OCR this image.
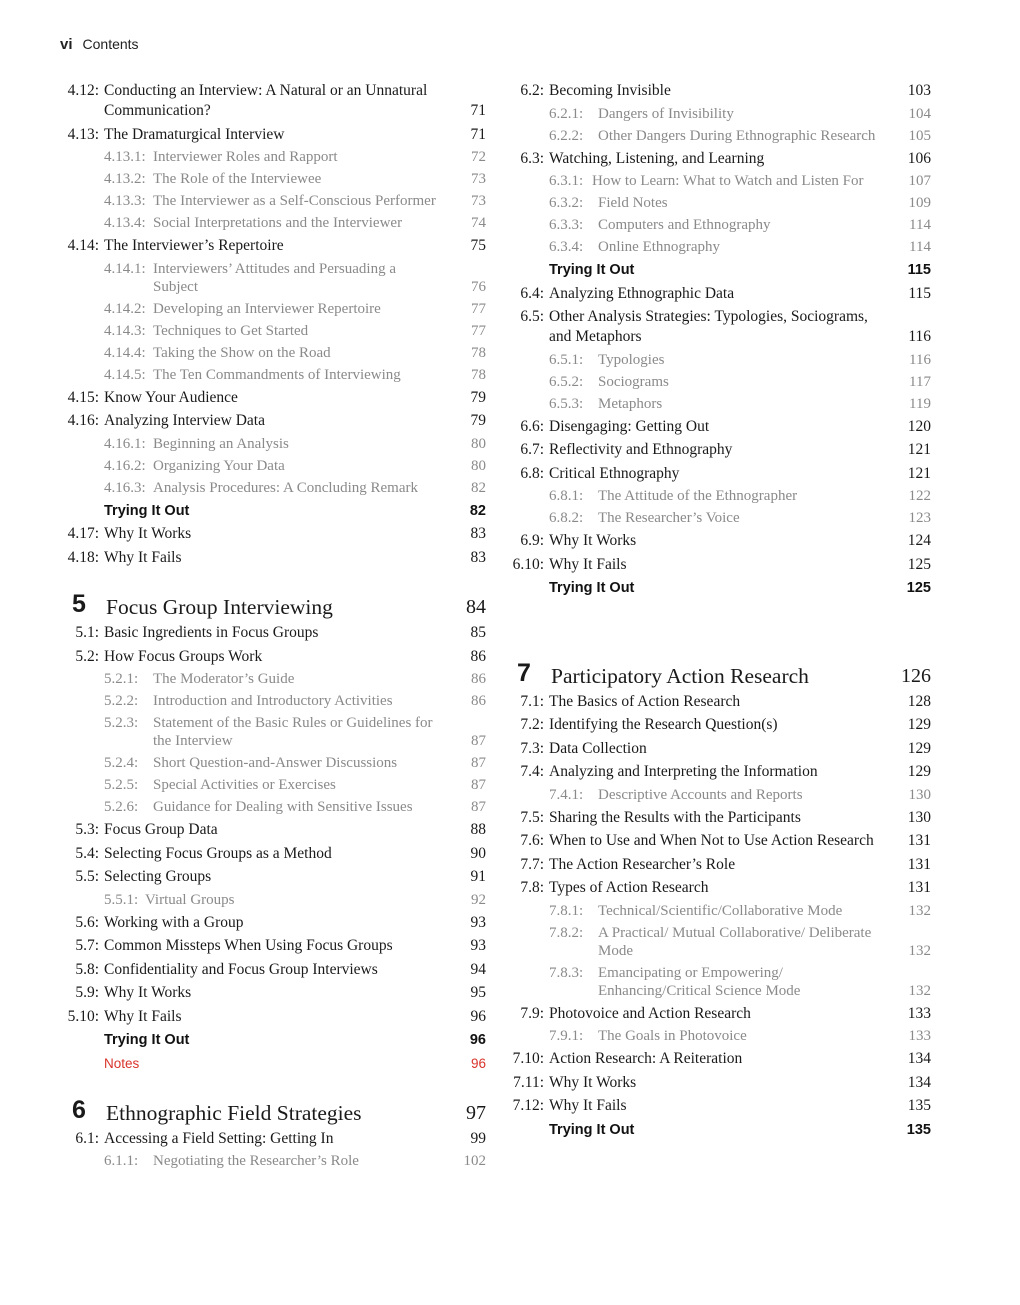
vi Contents
4.12: Conducting an Interview: A Natural or an Unnatural Communication?	71
4.13: The Dramaturgical Interview	71
4.13.1: Interviewer Roles and Rapport	72
4.13.2: The Role of the Interviewee	73
4.13.3: The Interviewer as a Self-Conscious Performer 73
4.13.4: Social Interpretations and the Interviewer	74
4.14: The Interviewer’s Repertoire	75
4.14.1: Interviewers’ Attitudes and Persuading a Subject	76
4.14.2: Developing an Interviewer Repertoire	77
4.14.3: Techniques to Get Started	77
4.14.4: Taking the Show on the Road	78
4.14.5: The Ten Commandments of Interviewing	78
4.15: Know Your Audience	79
4.16: Analyzing Interview Data	79
4.16.1: Beginning an Analysis	80
4.16.2: Organizing Your Data	80
4.16.3: Analysis Procedures: A Concluding Remark	82
Trying It Out	82
4.17: Why It Works	83
4.18: Why It Fails	83
5 Focus Group Interviewing	84
5.1: Basic Ingredients in Focus Groups	85
5.2: How Focus Groups Work	86
5.2.1: The Moderator’s Guide	86
5.2.2: Introduction and Introductory Activities	86
5.2.3: Statement of the Basic Rules or Guidelines for the Interview	87
5.2.4: Short Question-and-Answer Discussions	87
5.2.5: Special Activities or Exercises	87
5.2.6: Guidance for Dealing with Sensitive Issues	87
5.3: Focus Group Data	88
5.4: Selecting Focus Groups as a Method	90
5.5: Selecting Groups	91
5.5.1: Virtual Groups	92
5.6: Working with a Group	93
5.7: Common Missteps When Using Focus Groups	93
5.8: Confidentiality and Focus Group Interviews	94
5.9: Why It Works	95
5.10: Why It Fails	96
Trying It Out	96
Notes	96
6 Ethnographic Field Strategies	97
6.1: Accessing a Field Setting: Getting In	99
6.1.1: Negotiating the Researcher’s Role	102
6.2: Becoming Invisible	103
6.2.1: Dangers of Invisibility	104
6.2.2: Other Dangers During Ethnographic Research	105
6.3: Watching, Listening, and Learning	106
6.3.1: How to Learn: What to Watch and Listen For	107
6.3.2: Field Notes	109
6.3.3: Computers and Ethnography	114
6.3.4: Online Ethnography	114
Trying It Out	115
6.4: Analyzing Ethnographic Data	115
6.5: Other Analysis Strategies: Typologies, Sociograms, and Metaphors	116
6.5.1: Typologies	116
6.5.2: Sociograms	117
6.5.3: Metaphors	119
6.6: Disengaging: Getting Out	120
6.7: Reflectivity and Ethnography	121
6.8: Critical Ethnography	121
6.8.1: The Attitude of the Ethnographer	122
6.8.2: The Researcher’s Voice	123
6.9: Why It Works	124
6.10: Why It Fails	125
Trying It Out	125
7 Participatory Action Research	126
7.1: The Basics of Action Research	128
7.2: Identifying the Research Question(s)	129
7.3: Data Collection	129
7.4: Analyzing and Interpreting the Information	129
7.4.1: Descriptive Accounts and Reports	130
7.5: Sharing the Results with the Participants	130
7.6: When to Use and When Not to Use Action Research	131
7.7: The Action Researcher’s Role	131
7.8: Types of Action Research	131
7.8.1: Technical/Scientific/Collaborative Mode	132
7.8.2: A Practical/ Mutual Collaborative/ Deliberate Mode	132
7.8.3: Emancipating or Empowering/ Enhancing/Critical Science Mode	132
7.9: Photovoice and Action Research	133
7.9.1: The Goals in Photovoice	133
7.10: Action Research: A Reiteration	134
7.11: Why It Works	134
7.12: Why It Fails	135
Trying It Out	135
